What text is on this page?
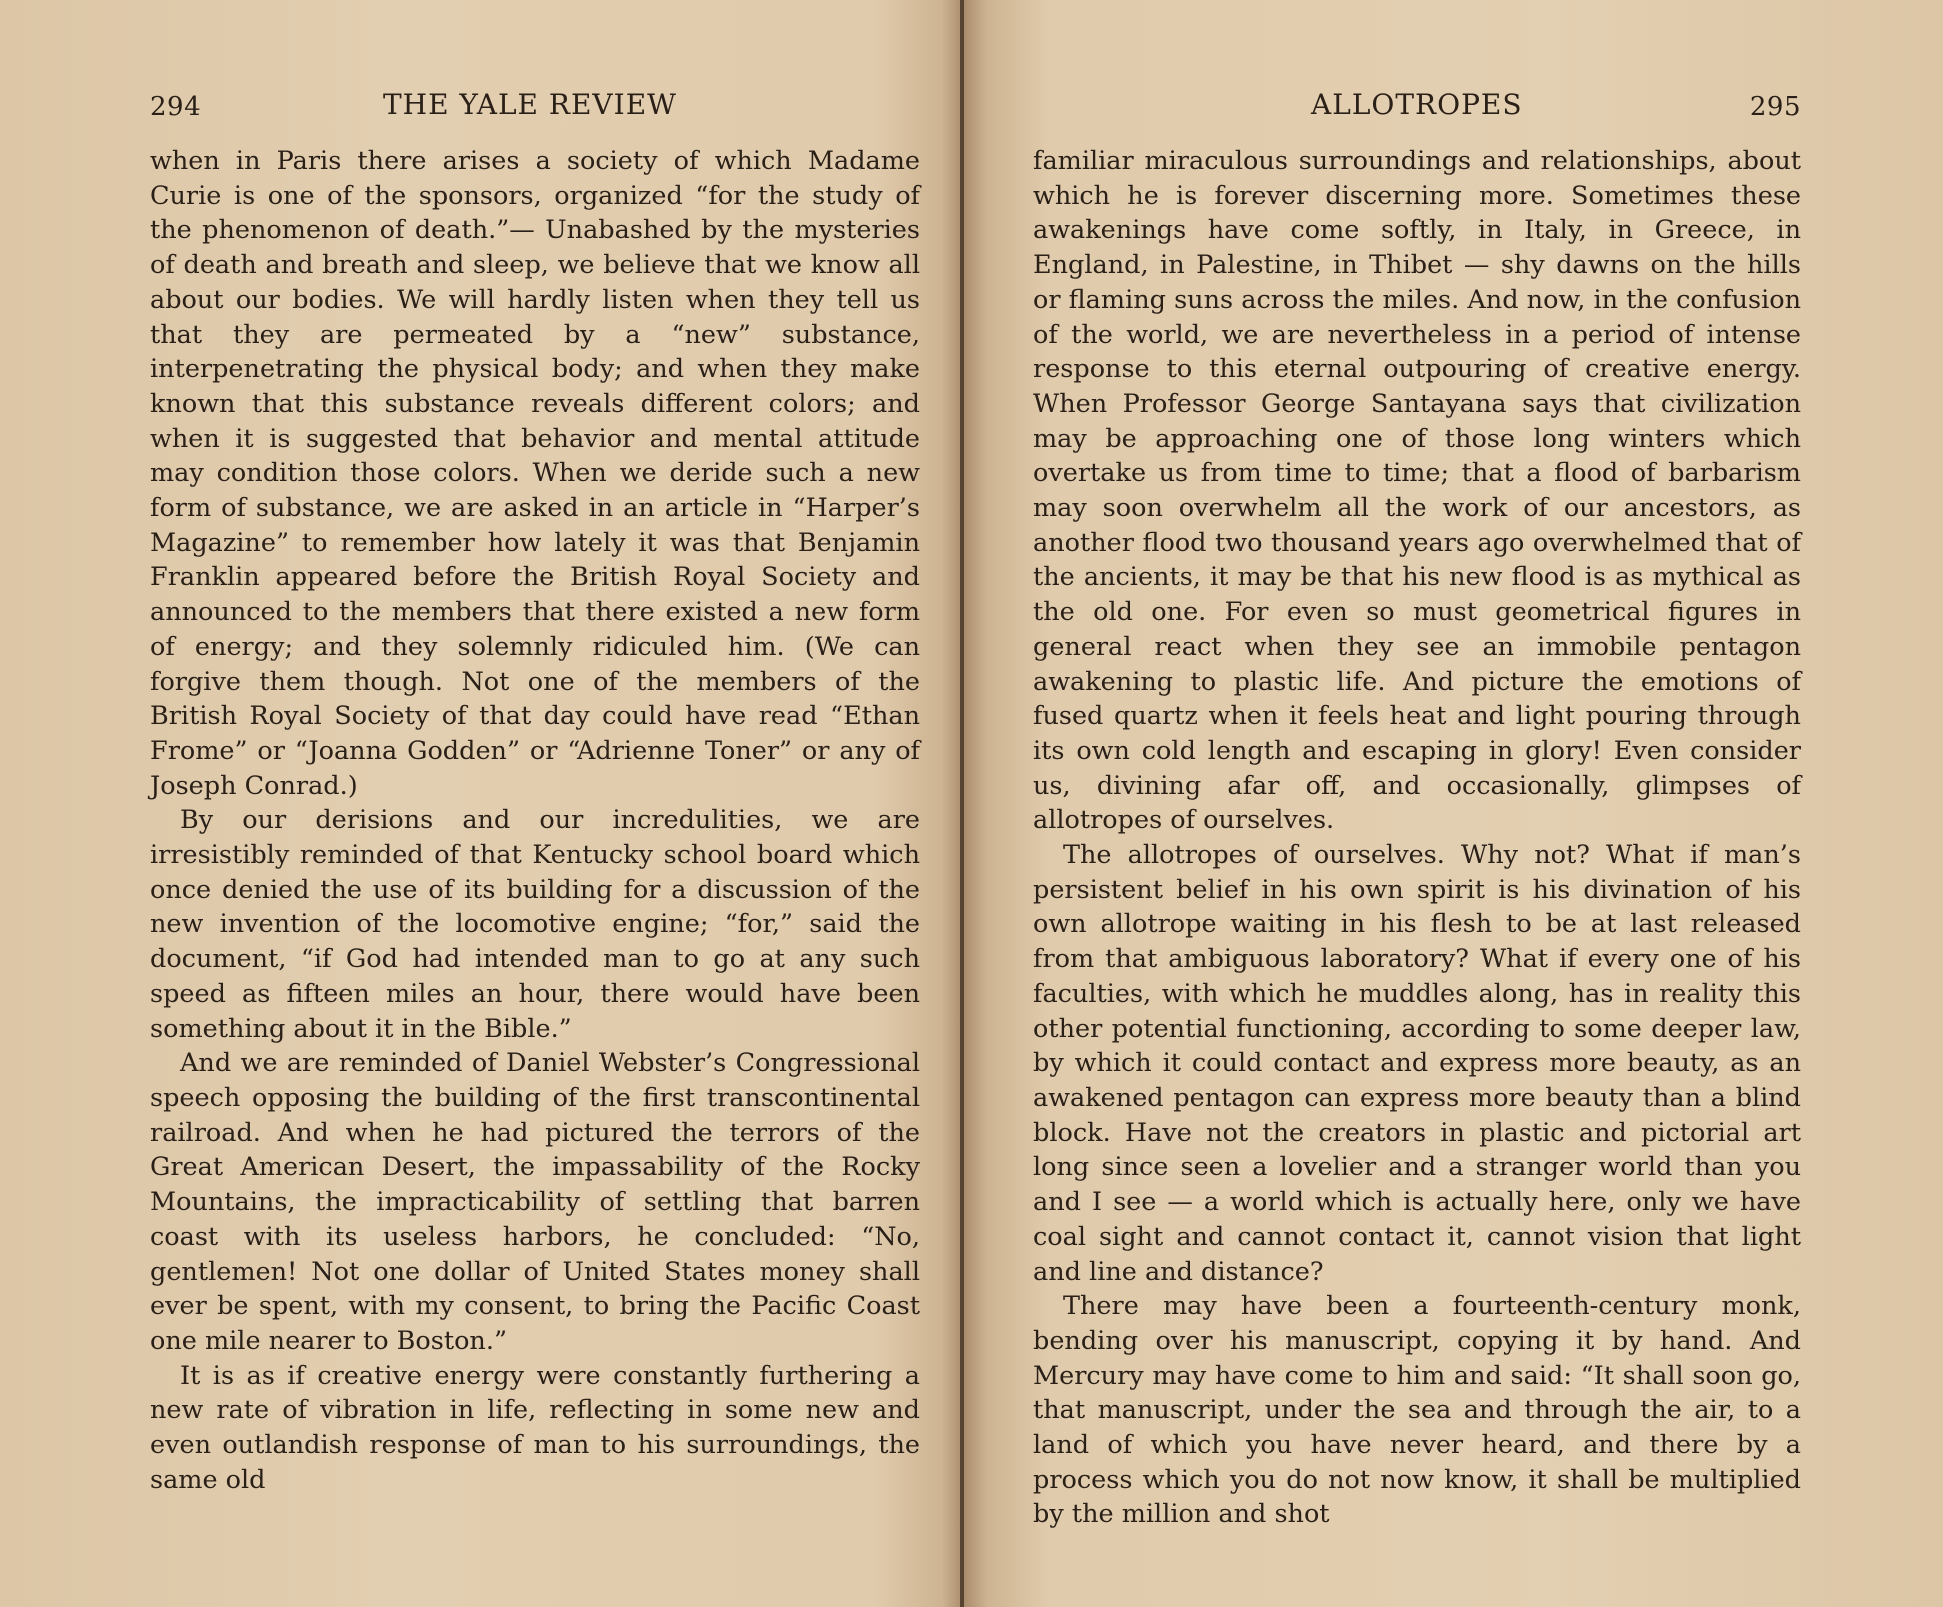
294	THE YALE REVIEW

when in Paris there arises a society of which Madame Curie is one of the sponsors, organized “for the study of the phenomenon of death.”— Unabashed by the mysteries of death and breath and sleep, we believe that we know all about our bodies. We will hardly listen when they tell us that they are permeated by a “new” substance, interpenetrating the physical body; and when they make known that this substance reveals different colors; and when it is suggested that behavior and mental attitude may condition those colors. When we deride such a new form of substance, we are asked in an article in “Harper’s Magazine” to remember how lately it was that Benjamin Franklin appeared before the British Royal Society and announced to the members that there existed a new form of energy; and they solemnly ridiculed him. (We can forgive them though. Not one of the members of the British Royal Society of that day could have read “Ethan Frome” or “Joanna Godden” or “Adrienne Toner” or any of Joseph Conrad.)

By our derisions and our incredulities, we are irresistibly reminded of that Kentucky school board which once denied the use of its building for a discussion of the new invention of the locomotive engine; “for,” said the document, “if God had intended man to go at any such speed as fifteen miles an hour, there would have been something about it in the Bible.”

And we are reminded of Daniel Webster’s Congressional speech opposing the building of the first transcontinental railroad. And when he had pictured the terrors of the Great American Desert, the impassability of the Rocky Mountains, the impracticability of settling that barren coast with its useless harbors, he concluded: “No, gentlemen! Not one dollar of United States money shall ever be spent, with my consent, to bring the Pacific Coast one mile nearer to Boston.”

It is as if creative energy were constantly furthering a new rate of vibration in life, reflecting in some new and even outlandish response of man to his surroundings, the same old

ALLOTROPES	295

familiar miraculous surroundings and relationships, about which he is forever discerning more. Sometimes these awakenings have come softly, in Italy, in Greece, in England, in Palestine, in Thibet — shy dawns on the hills or flaming suns across the miles. And now, in the confusion of the world, we are nevertheless in a period of intense response to this eternal outpouring of creative energy. When Professor George Santayana says that civilization may be approaching one of those long winters which overtake us from time to time; that a flood of barbarism may soon overwhelm all the work of our ancestors, as another flood two thousand years ago overwhelmed that of the ancients, it may be that his new flood is as mythical as the old one. For even so must geometrical figures in general react when they see an immobile pentagon awakening to plastic life. And picture the emotions of fused quartz when it feels heat and light pouring through its own cold length and escaping in glory! Even consider us, divining afar off, and occasionally, glimpses of allotropes of ourselves.

The allotropes of ourselves. Why not? What if man’s persistent belief in his own spirit is his divination of his own allotrope waiting in his flesh to be at last released from that ambiguous laboratory? What if every one of his faculties, with which he muddles along, has in reality this other potential functioning, according to some deeper law, by which it could contact and express more beauty, as an awakened pentagon can express more beauty than a blind block. Have not the creators in plastic and pictorial art long since seen a lovelier and a stranger world than you and I see — a world which is actually here, only we have coal sight and cannot contact it, cannot vision that light and line and distance?

There may have been a fourteenth-century monk, bending over his manuscript, copying it by hand. And Mercury may have come to him and said: “It shall soon go, that manuscript, under the sea and through the air, to a land of which you have never heard, and there by a process which you do not now know, it shall be multiplied by the million and shot
